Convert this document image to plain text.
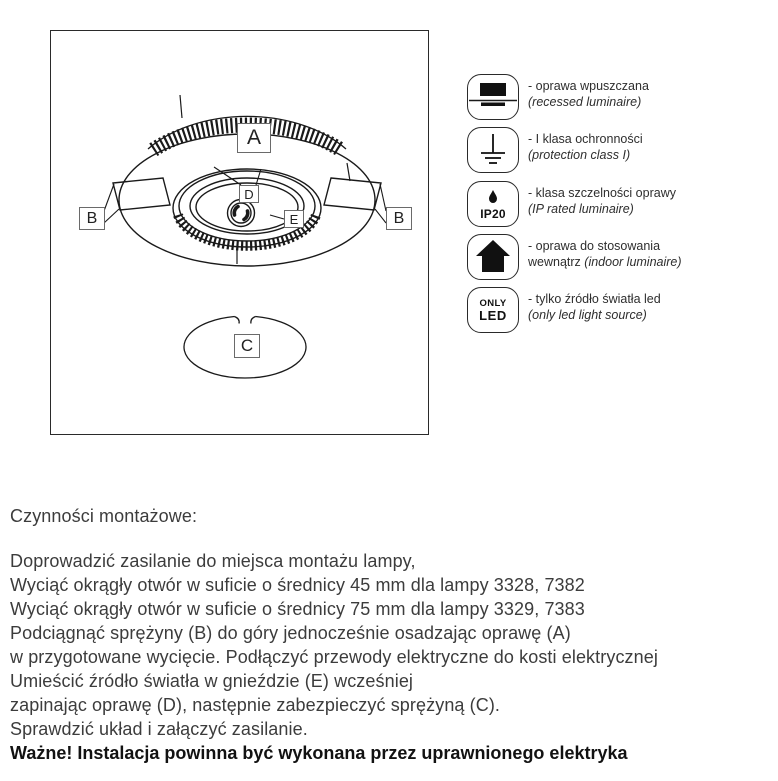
A
B	B
C
D
E
- oprawa wpuszczana
(recessed luminaire)
- I klasa ochronności
(protection class I)
IP20
- klasa szczelności oprawy
(IP rated luminaire)
- oprawa do stosowania
wewnątrz (indoor luminaire)
ONLY
LED
- tylko źródło światła led
(only led light source)
Czynności montażowe:
Doprowadzić zasilanie do miejsca montażu lampy,
Wyciąć okrągły otwór w suficie o średnicy 45 mm dla lampy 3328, 7382
Wyciąć okrągły otwór w suficie o średnicy 75 mm dla lampy 3329, 7383
Podciągnąć sprężyny (B) do góry jednocześnie osadzając oprawę (A)
w przygotowane wycięcie. Podłączyć przewody elektryczne do kosti elektrycznej
Umieścić źródło światła w gnieździe (E) wcześniej
zapinając oprawę (D), następnie zabezpieczyć sprężyną (C).
Sprawdzić układ i załączyć zasilanie.
Ważne! Instalacja powinna być wykonana przez uprawnionego elektryka
